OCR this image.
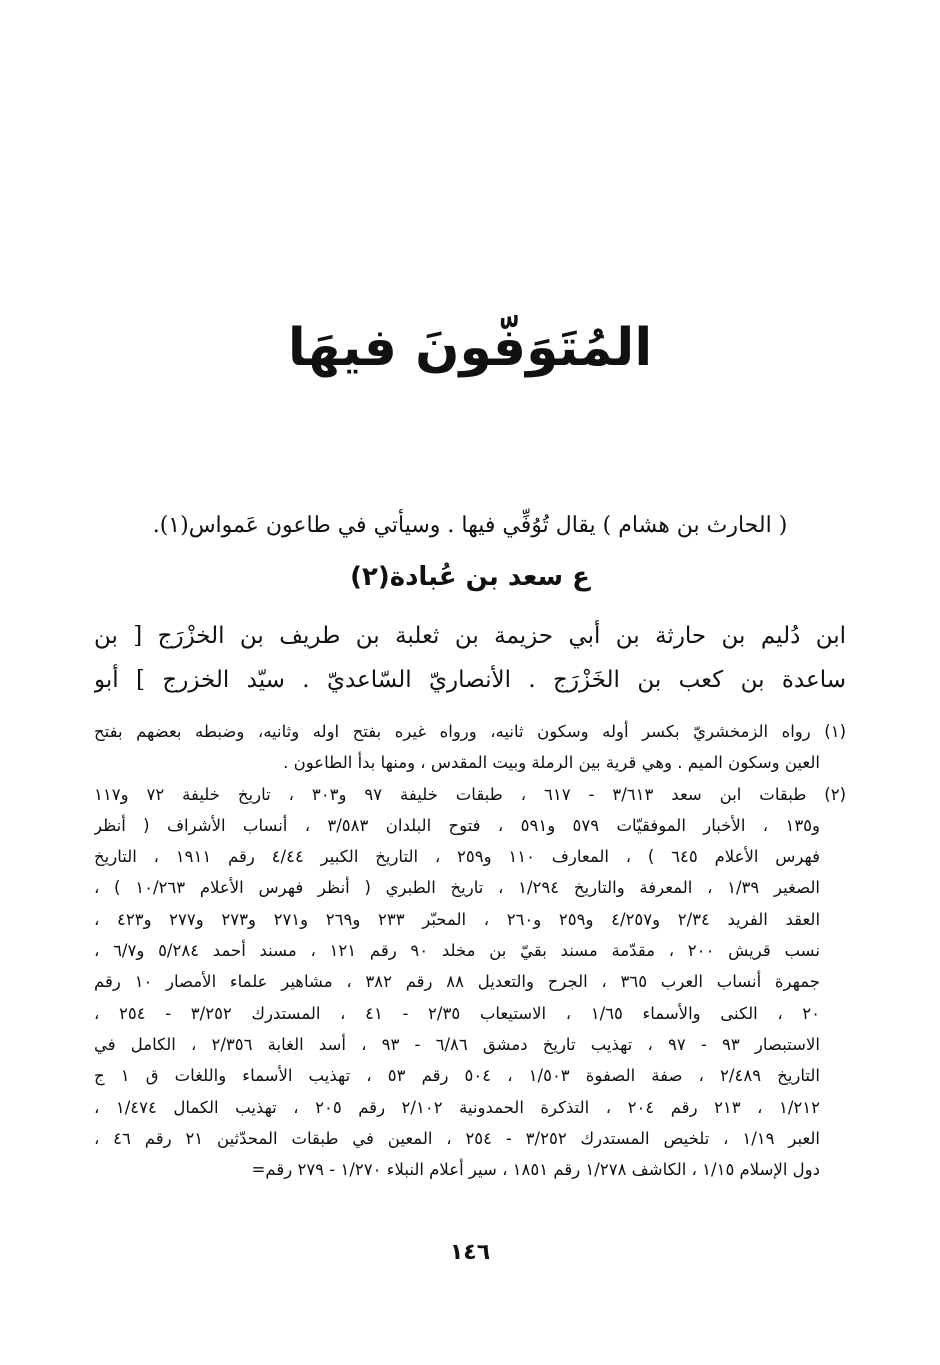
المُتَوَفّونَ فيهَا
( الحارث بن هشام ) يقال تُوُفِّي فيها . وسيأتي في طاعون عَمواس(١).
ع سعد بن عُبادة(٢)
ابن دُليم بن حارثة بن أبي حزيمة بن ثعلبة بن طريف بن الخزْرَج [ بن
ساعدة بن كعب بن الخَزْرَج . الأنصاريّ السّاعديّ . سيّد الخزرج ] أبو
(١) رواه الزمخشريّ بكسر أوله وسكون ثانيه، ورواه غيره بفتح اوله وثانيه، وضبطه بعضهم بفتح
العين وسكون الميم . وهي قرية بين الرملة وبيت المقدس ، ومنها بدأ الطاعون .
(٢) طبقات ابن سعد ٣/٦١٣ - ٦١٧ ، طبقات خليفة ٩٧ و٣٠٣ ، تاريخ خليفة ٧٢ و١١٧
و١٣٥ ، الأخبار الموفقيّات ٥٧٩ و٥٩١ ، فتوح البلدان ٣/٥٨٣ ، أنساب الأشراف ( أنظر
فهرس الأعلام ٦٤٥ ) ، المعارف ١١٠ و٢٥٩ ، التاريخ الكبير ٤/٤٤ رقم ١٩١١ ، التاريخ
الصغير ١/٣٩ ، المعرفة والتاريخ ١/٢٩٤ ، تاريخ الطبري ( أنظر فهرس الأعلام ١٠/٢٦٣ ) ،
العقد الفريد ٢/٣٤ و٤/٢٥٧ و٢٥٩ و٢٦٠ ، المحبّر ٢٣٣ و٢٦٩ و٢٧١ و٢٧٣ و٢٧٧ و٤٢٣ ،
نسب قريش ٢٠٠ ، مقدّمة مسند بقيّ بن مخلد ٩٠ رقم ١٢١ ، مسند أحمد ٥/٢٨٤ و٦/٧ ،
جمهرة أنساب العرب ٣٦٥ ، الجرح والتعديل ٨٨ رقم ٣٨٢ ، مشاهير علماء الأمصار ١٠ رقم
٢٠ ، الكنى والأسماء ١/٦٥ ، الاستيعاب ٢/٣٥ - ٤١ ، المستدرك ٣/٢٥٢ - ٢٥٤ ،
الاستبصار ٩٣ - ٩٧ ، تهذيب تاريخ دمشق ٦/٨٦ - ٩٣ ، أسد الغابة ٢/٣٥٦ ، الكامل في
التاريخ ٢/٤٨٩ ، صفة الصفوة ١/٥٠٣ ، ٥٠٤ رقم ٥٣ ، تهذيب الأسماء واللغات ق ١ ج
١/٢١٢ ، ٢١٣ رقم ٢٠٤ ، التذكرة الحمدونية ٢/١٠٢ رقم ٢٠٥ ، تهذيب الكمال ١/٤٧٤ ،
العبر ١/١٩ ، تلخيص المستدرك ٣/٢٥٢ - ٢٥٤ ، المعين في طبقات المحدّثين ٢١ رقم ٤٦ ،
دول الإسلام ١/١٥ ، الكاشف ١/٢٧٨ رقم ١٨٥١ ، سير أعلام النبلاء ١/٢٧٠ - ٢٧٩ رقم=
١٤٦
